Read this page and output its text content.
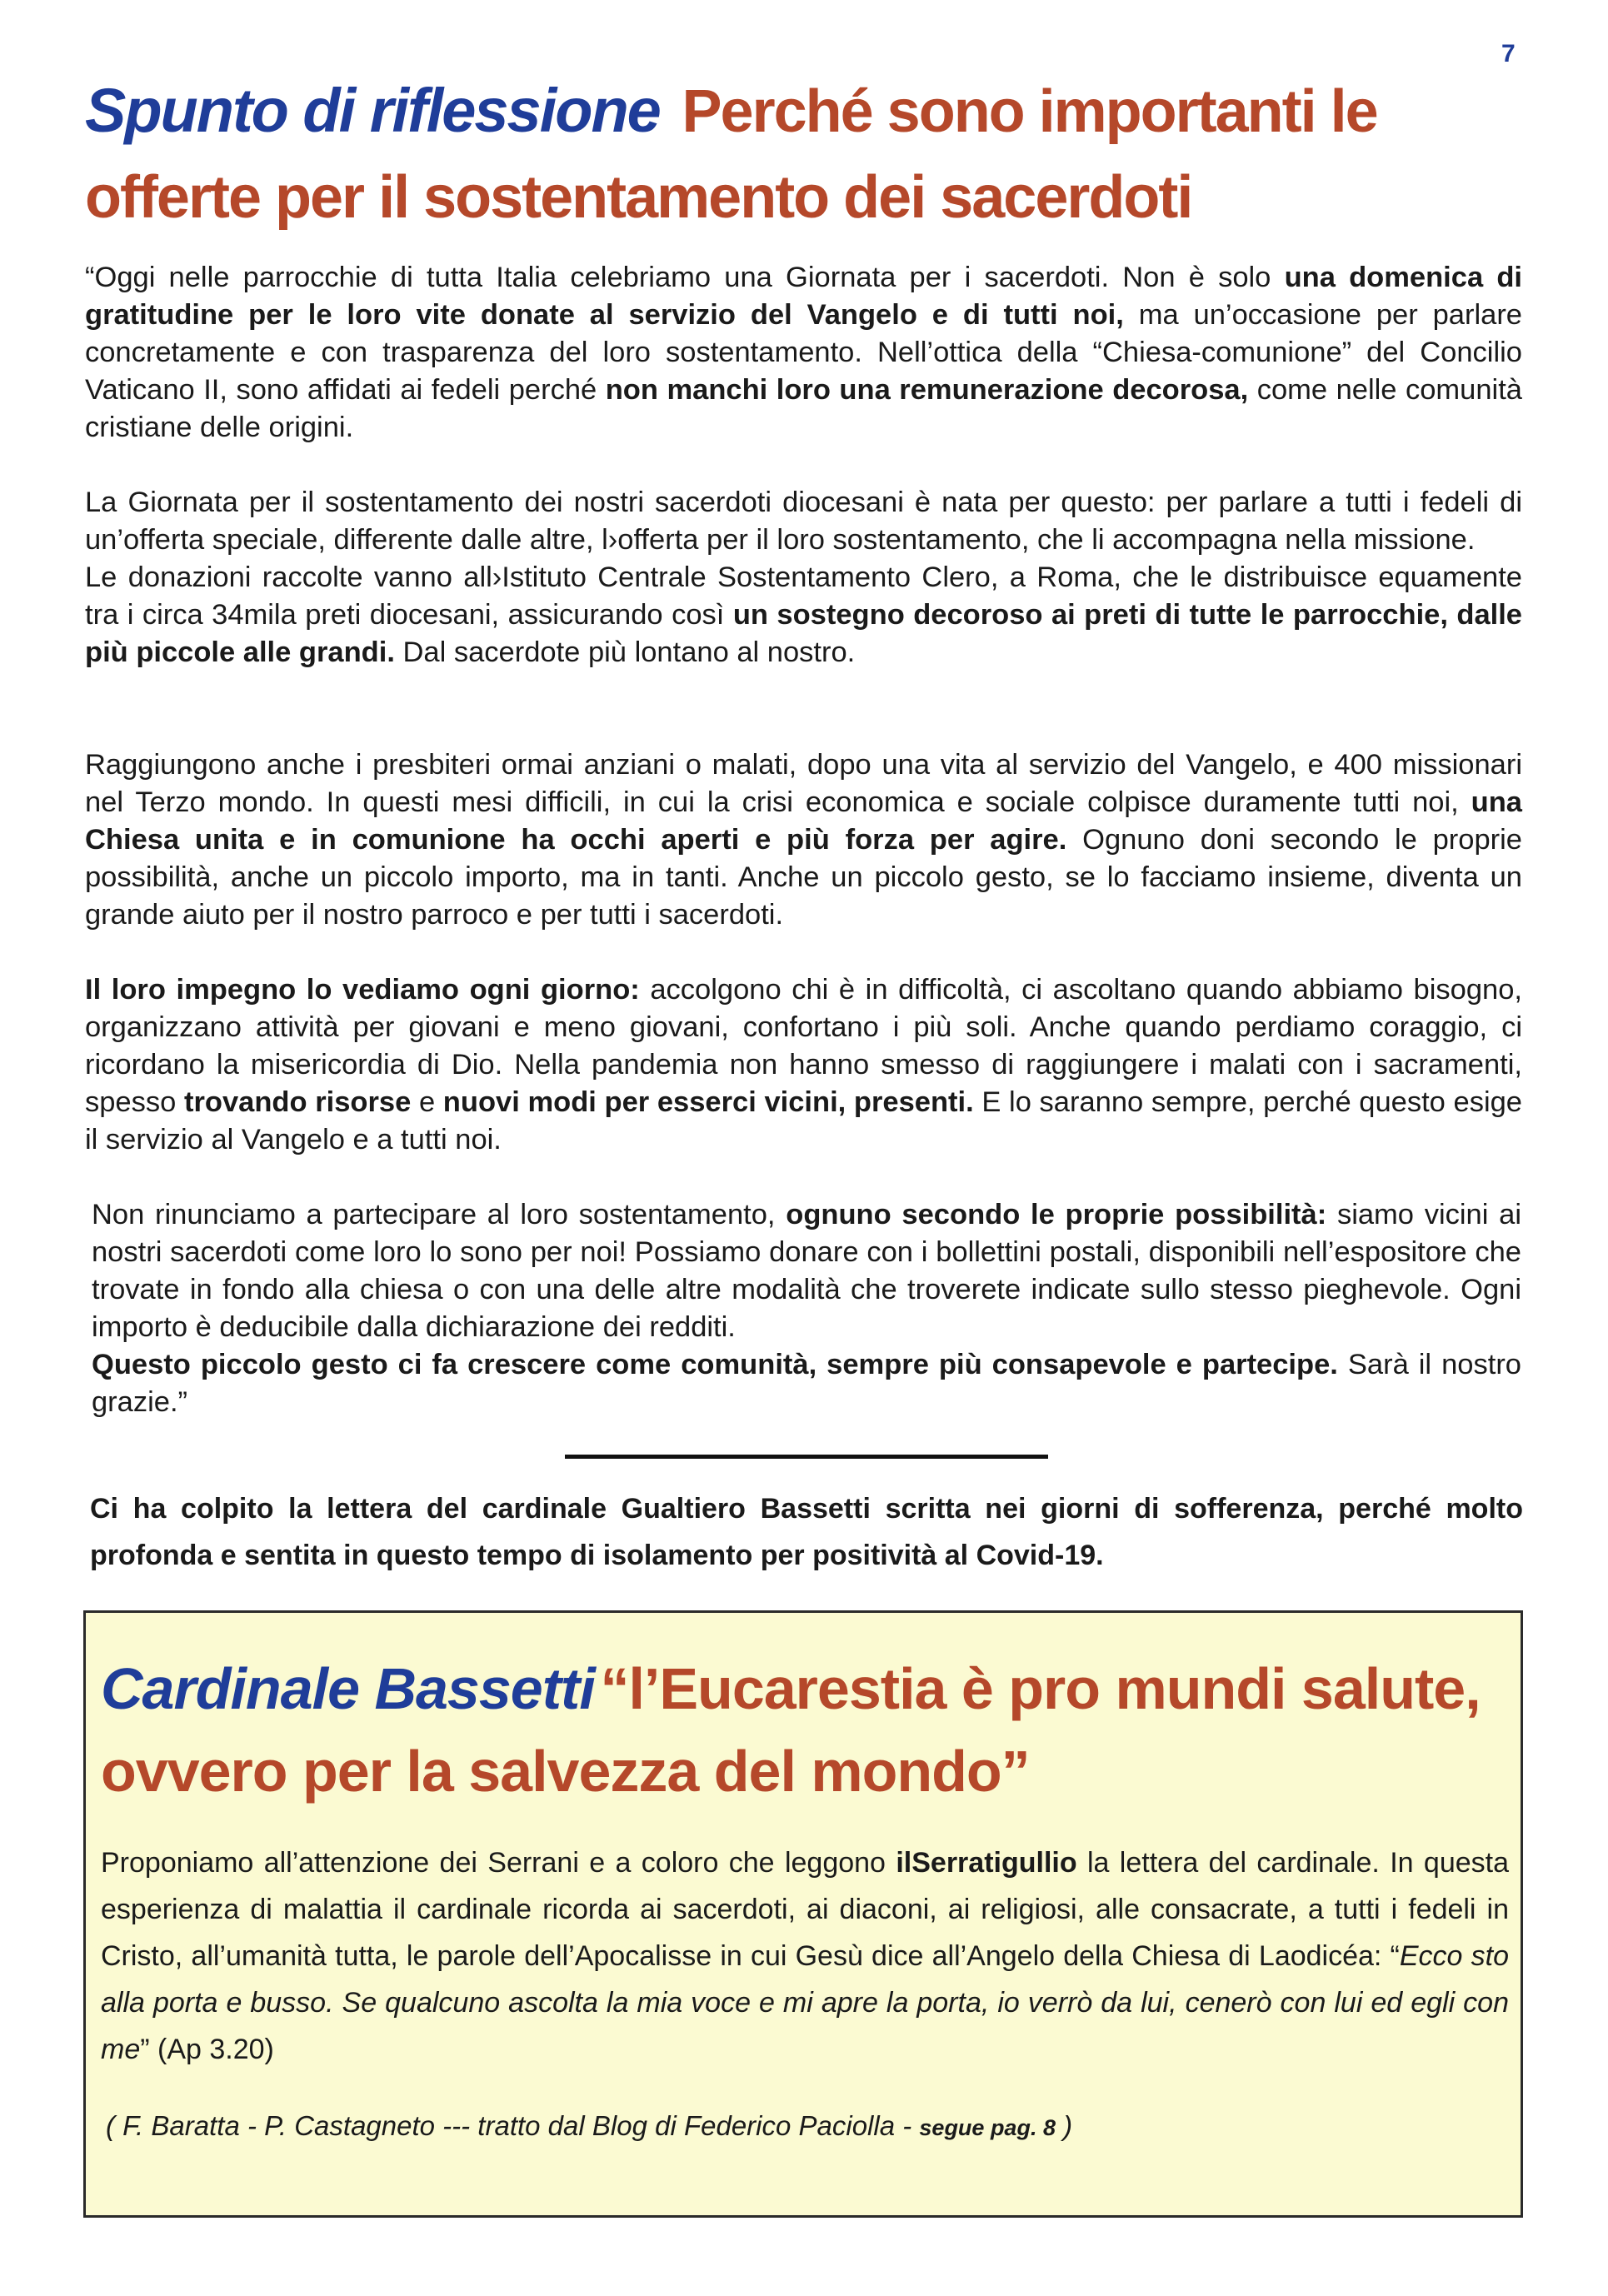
7
Spunto di riflessione Perché sono importanti le offerte per il sostentamento dei sacerdoti

“Oggi nelle parrocchie di tutta Italia celebriamo una Giornata per i sacerdoti. Non è solo una domenica di gratitudine per le loro vite donate al servizio del Vangelo e di tutti noi, ma un’occasione per parlare concretamente e con trasparenza del loro sostentamento. Nell’ottica della “Chiesa-comunione” del Concilio Vaticano II, sono affidati ai fedeli perché non manchi loro una remunerazione decorosa, come nelle comunità cristiane delle origini.

La Giornata per il sostentamento dei nostri sacerdoti diocesani è nata per questo: per parlare a tutti i fedeli di un’offerta speciale, differente dalle altre, l›offerta per il loro sostentamento, che li accompagna nella missione.

Le donazioni raccolte vanno all›Istituto Centrale Sostentamento Clero, a Roma, che le distribuisce equamente tra i circa 34mila preti diocesani, assicurando così un sostegno decoroso ai preti di tutte le parrocchie, dalle più piccole alle grandi. Dal sacerdote più lontano al nostro.

Raggiungono anche i presbiteri ormai anziani o malati, dopo una vita al servizio del Vangelo, e 400 missionari nel Terzo mondo. In questi mesi difficili, in cui la crisi economica e sociale colpisce duramente tutti noi, una Chiesa unita e in comunione ha occhi aperti e più forza per agire. Ognuno doni secondo le proprie possibilità, anche un piccolo importo, ma in tanti. Anche un piccolo gesto, se lo facciamo insieme, diventa un grande aiuto per il nostro parroco e per tutti i sacerdoti.

Il loro impegno lo vediamo ogni giorno: accolgono chi è in difficoltà, ci ascoltano quando abbiamo bisogno, organizzano attività per giovani e meno giovani, confortano i più soli. Anche quando perdiamo coraggio, ci ricordano la misericordia di Dio. Nella pandemia non hanno smesso di raggiungere i malati con i sacramenti, spesso trovando risorse e nuovi modi per esserci vicini, presenti. E lo saranno sempre, perché questo esige il servizio al Vangelo e a tutti noi.

Non rinunciamo a partecipare al loro sostentamento, ognuno secondo le proprie possibilità: siamo vicini ai nostri sacerdoti come loro lo sono per noi! Possiamo donare con i bollettini postali, disponibili nell’espositore che trovate in fondo alla chiesa o con una delle altre modalità che troverete indicate sullo stesso pieghevole. Ogni importo è deducibile dalla dichiarazione dei redditi.

Questo piccolo gesto ci fa crescere come comunità, sempre più consapevole e partecipe. Sarà il nostro grazie.”

Ci ha colpito la lettera del cardinale Gualtiero Bassetti scritta nei giorni di sofferenza, perché molto profonda e sentita in questo tempo di isolamento per positività al Covid-19.
Cardinale Bassetti “l’Eucarestia è pro mundi salute, ovvero per la salvezza del mondo”

Proponiamo all’attenzione dei Serrani e a coloro che leggono ilSerratigullio la lettera del cardinale. In questa esperienza di malattia il cardinale ricorda ai sacerdoti, ai diaconi, ai religiosi, alle consacrate, a tutti i fedeli in Cristo, all’umanità tutta, le parole dell’Apocalisse in cui Gesù dice all’Angelo della Chiesa di Laodicéa: “Ecco sto alla porta e busso. Se qualcuno ascolta la mia voce e mi apre la porta, io verrò da lui, cenerò con lui ed egli con me” (Ap 3.20)

( F. Baratta - P. Castagneto --- tratto dal Blog di Federico Paciolla - segue pag. 8 )
